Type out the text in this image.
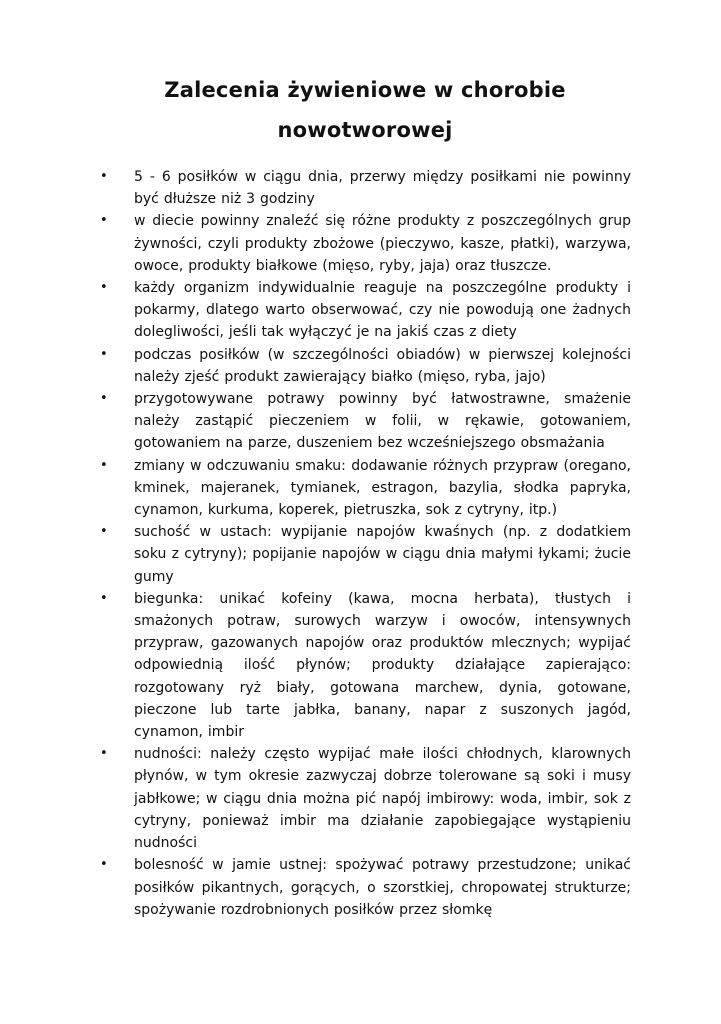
Zalecenia żywieniowe w chorobie
nowotworowej
• 5 - 6 posiłków w ciągu dnia, przerwy między posiłkami nie powinny być dłuższe niż 3 godziny
• w diecie powinny znaleźć się różne produkty z poszczególnych grup żywności, czyli produkty zbożowe (pieczywo, kasze, płatki), warzywa, owoce, produkty białkowe (mięso, ryby, jaja) oraz tłuszcze.
• każdy organizm indywidualnie reaguje na poszczególne produkty i pokarmy, dlatego warto obserwować, czy nie powodują one żadnych dolegliwości, jeśli tak wyłączyć je na jakiś czas z diety
• podczas posiłków (w szczególności obiadów) w pierwszej kolejności należy zjeść produkt zawierający białko (mięso, ryba, jajo)
• przygotowywane potrawy powinny być łatwostrawne, smażenie należy zastąpić pieczeniem w folii, w rękawie, gotowaniem, gotowaniem na parze, duszeniem bez wcześniejszego obsmażania
• zmiany w odczuwaniu smaku: dodawanie różnych przypraw (oregano, kminek, majeranek, tymianek, estragon, bazylia, słodka papryka, cynamon, kurkuma, koperek, pietruszka, sok z cytryny, itp.)
• suchość w ustach: wypijanie napojów kwaśnych (np. z dodatkiem soku z cytryny); popijanie napojów w ciągu dnia małymi łykami; żucie gumy
• biegunka: unikać kofeiny (kawa, mocna herbata), tłustych i smażonych potraw, surowych warzyw i owoców, intensywnych przypraw, gazowanych napojów oraz produktów mlecznych; wypijać odpowiednią ilość płynów; produkty działające zapierająco: rozgotowany ryż biały, gotowana marchew, dynia, gotowane, pieczone lub tarte jabłka, banany, napar z suszonych jagód, cynamon, imbir
• nudności: należy często wypijać małe ilości chłodnych, klarownych płynów, w tym okresie zazwyczaj dobrze tolerowane są soki i musy jabłkowe; w ciągu dnia można pić napój imbirowy: woda, imbir, sok z cytryny, ponieważ imbir ma działanie zapobiegające wystąpieniu nudności
• bolesność w jamie ustnej: spożywać potrawy przestudzone; unikać posiłków pikantnych, gorących, o szorstkiej, chropowatej strukturze; spożywanie rozdrobnionych posiłków przez słomkę
